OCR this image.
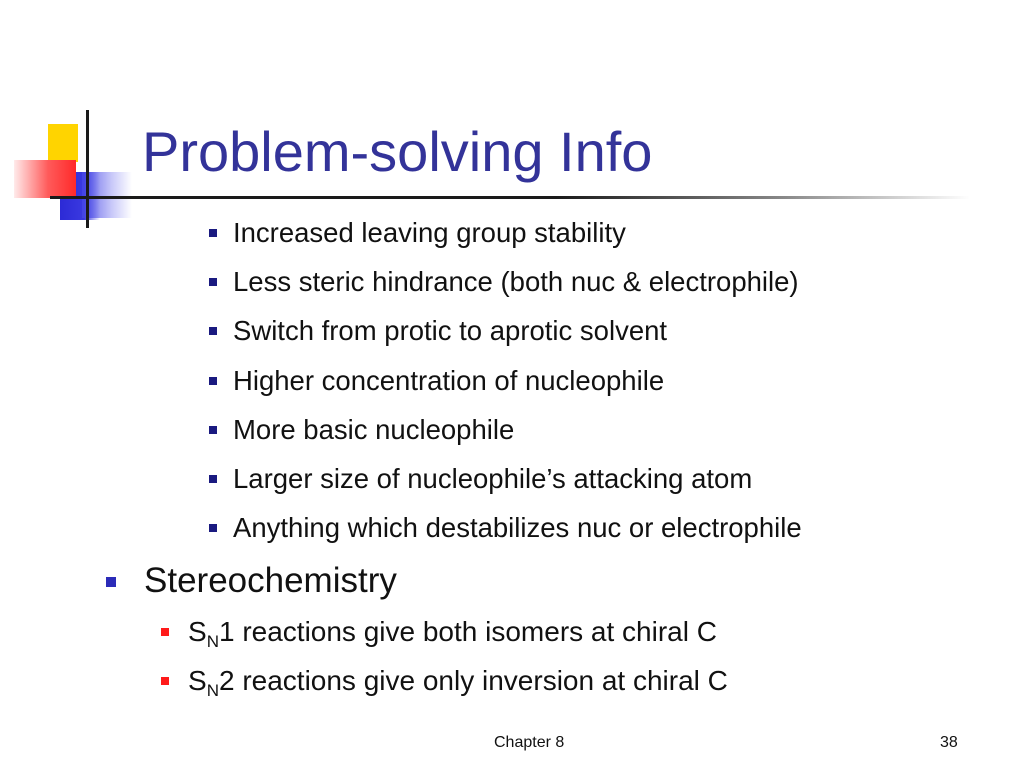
Problem-solving Info
Increased leaving group stability
Less steric hindrance (both nuc & electrophile)
Switch from protic to aprotic solvent
Higher concentration of nucleophile
More basic nucleophile
Larger size of nucleophile’s attacking atom
Anything which destabilizes nuc or electrophile
Stereochemistry
$S_N1$ reactions give both isomers at chiral C
$S_N2$ reactions give only inversion at chiral C
Chapter 8	38
